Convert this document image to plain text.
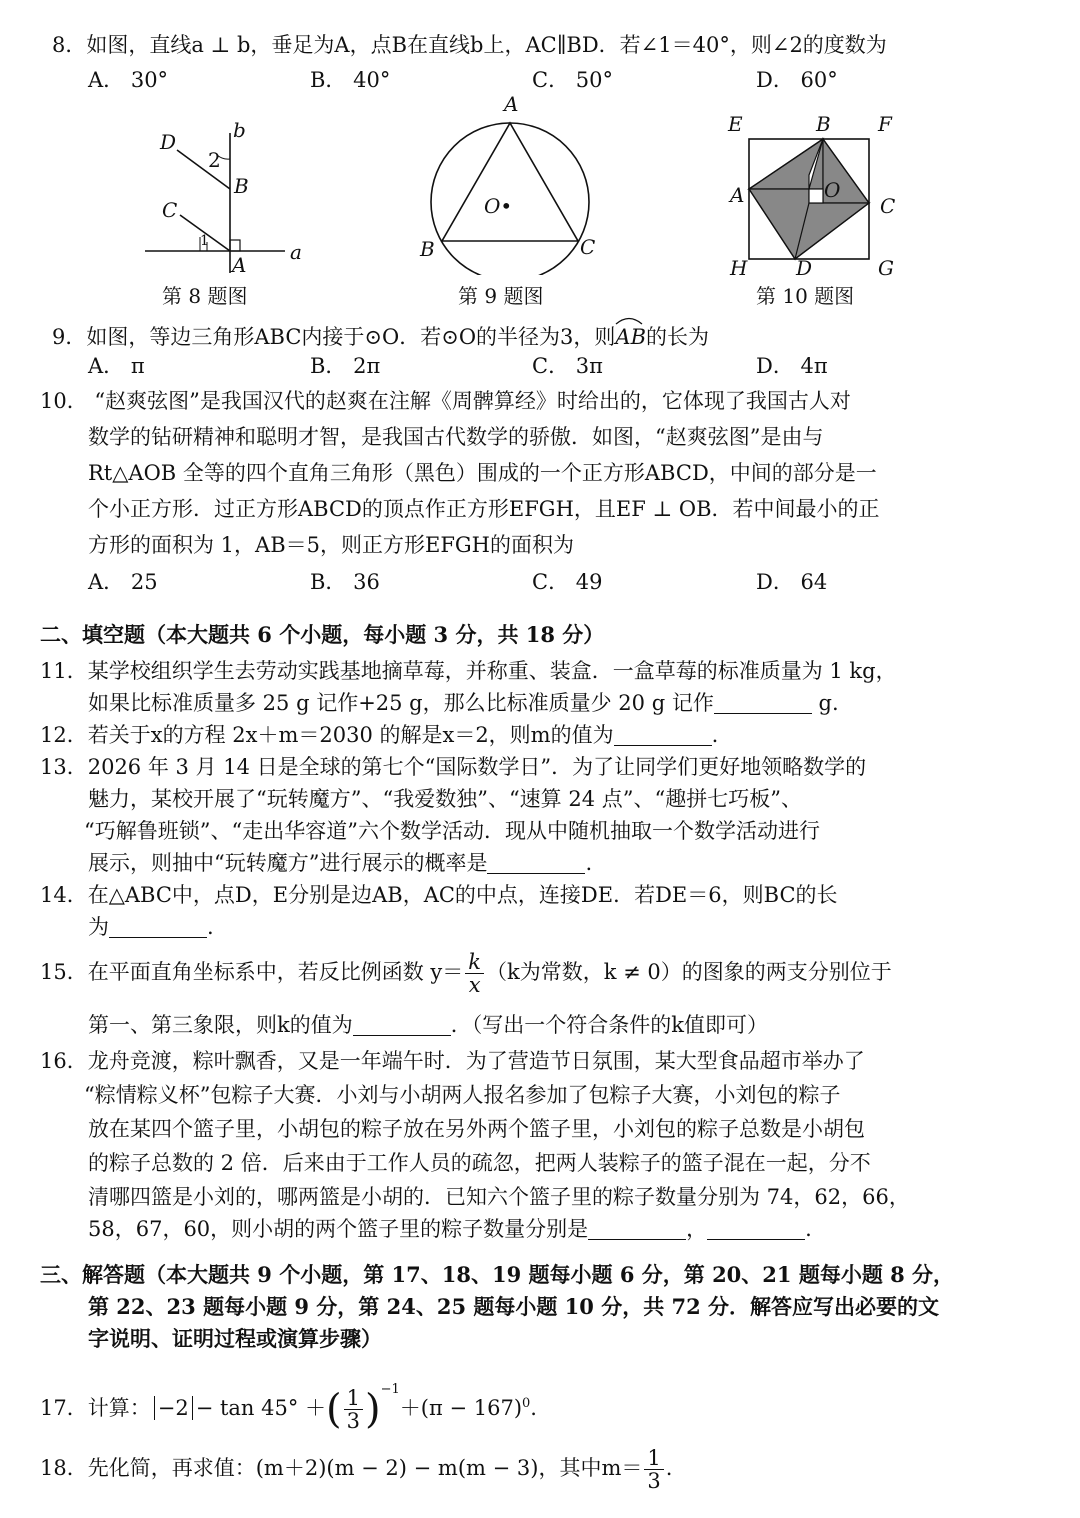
8．如图，直线a ⊥ b，垂足为A，点B在直线b上，AC∥BD．若∠1＝40°，则∠2的度数为
A． 30°	B． 40°	C． 50°	D． 60°
D
2
b
B
C
1
A
a
第 8 题图
A
O•
B	C
第 9 题图
E	B F
A	O
C
H D	G
第 10 题图
9．如图，等边三角形ABC内接于⊙O．若⊙O的半径为3，则
AB的长为
A． π	B． 2π	C． 3π	D． 4π
10． “赵爽弦图”是我国汉代的赵爽在注解《周髀算经》时给出的，它体现了我国古人对
数学的钻研精神和聪明才智，是我国古代数学的骄傲．如图，“赵爽弦图”是由与
Rt△AOB 全等的四个直角三角形（黑色）围成的一个正方形ABCD，中间的部分是一
个小正方形．过正方形ABCD的顶点作正方形EFGH，且EF ⊥ OB．若中间最小的正
方形的面积为 1，AB＝5，则正方形EFGH的面积为
A． 25	B． 36	C． 49	D． 64
二、填空题（本大题共 6 个小题，每小题 3 分，共 18 分）
11．某学校组织学生去劳动实践基地摘草莓，并称重、装盒．一盒草莓的标准质量为 1 kg，
如果比标准质量多 25 g 记作+25 g，那么比标准质量少 20 g 记作	g.
12．若关于x的方程 2x＋m＝2030 的解是x＝2，则m的值为	.
13．2026 年 3 月 14 日是全球的第七个“国际数学日”．为了让同学们更好地领略数学的
魅力，某校开展了“玩转魔方”、“我爱数独”、“速算 24 点”、“趣拼七巧板”、
“巧解鲁班锁”、“走出华容道”六个数学活动．现从中随机抽取一个数学活动进行
展示，则抽中“玩转魔方”进行展示的概率是	.
14．在△ABC中，点D，E分别是边AB，AC的中点，连接DE．若DE＝6，则BC的长
为	.
15．在平面直角坐标系中，若反比例函数 $y= \frac{k}{x} (k$为常数，k ≠ 0）的图象的两支分别位于
第一、第三象限，则k的值为	．（写出一个符合条件的k值即可）
16．龙舟竞渡，粽叶飘香，又是一年端午时．为了营造节日氛围，某大型食品超市举办了
“粽情粽义杯”包粽子大赛．小刘与小胡两人报名参加了包粽子大赛，小刘包的粽子
放在某四个篮子里，小胡包的粽子放在另外两个篮子里，小刘包的粽子总数是小胡包
的粽子总数的 2 倍．后来由于工作人员的疏忽，把两人装粽子的篮子混在一起，分不
清哪四篮是小刘的，哪两篮是小胡的．已知六个篮子里的粽子数量分别为 74，62，66，
58，67，60，则小胡的两个篮子里的粽子数量分别是	，	.
三、解答题（本大题共 9 个小题，第 17、18、19 题每小题 6 分，第 20、21 题每小题 8 分，
第 22、23 题每小题 9 分，第 24、25 题每小题 10 分，共 72 分．解答应写出必要的文
字说明、证明过程或演算步骤）
17．计算： −2 − tan 45° ＋( $\frac{1}{3} )^{-1}+(\pi - 167)^0$.
18．先化简，再求值：(m＋2)(m − 2) − m(m − 3)，其中$m= \frac{1}{3}$ .
